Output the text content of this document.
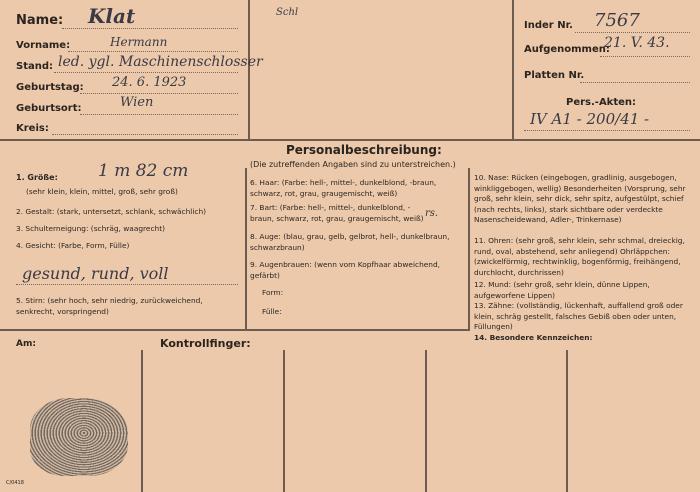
Name: Klat
Vorname:	Hermann
Stand: led. ygl. Maschinenschlosser
Geburtstag: 24. 6. 1923
Geburtsort:	Wien
Kreis:
Schl
Inder Nr. 7567
Aufgenommen:
21. V. 43.
Platten Nr.
Pers.-Akten:
IV A1 - 200/41 -
Personalbeschreibung:
(Die zutreffenden Angaben sind zu unterstreichen.)
1. Größe: 1 m 82 cm
(sehr klein, klein, mittel, groß, sehr groß)
2. Gestalt: (stark, untersetzt, schlank, schwächlich)
3. Schulterneigung: (schräg, waagrecht)
4. Gesicht: (Farbe, Form, Fülle)
gesund, rund, voll
5. Stirn: (sehr hoch, sehr niedrig, zurückweichend, senkrecht, vorspringend)
6. Haar: (Farbe: hell-, mittel-, dunkelblond, -braun, schwarz, rot, grau, graugemischt, weiß)
7. Bart: (Farbe: hell-, mittel-, dunkelblond, -braun, schwarz, rot, grau, graugemischt, weiß) rs.
8. Auge: (blau, grau, gelb, gelbrot, hell-, dunkelbraun, schwarzbraun)
9. Augenbrauen: (wenn vom Kopfhaar abweichend, gefärbt)
Form:
Fülle:
10. Nase: Rücken (eingebogen, gradlinig, ausgebogen, winkliggebogen, wellig) Besonderheiten (Vorsprung, sehr groß, sehr klein, sehr dick, sehr spitz, aufgestülpt, schief (nach rechts, links), stark sichtbare oder verdeckte Nasenscheidewand, Adler-, Trinkernase)
11. Ohren: (sehr groß, sehr klein, sehr schmal, dreieckig, rund, oval, abstehend, sehr anliegend) Ohrläppchen: (zwickelförmig, rechtwinklig, bogenförmig, freihängend, durchlocht, durchrissen)
12. Mund: (sehr groß, sehr klein, dünne Lippen, aufgeworfene Lippen)
13. Zähne: (vollständig, lückenhaft, auffallend groß oder klein, schräg gestellt, falsches Gebiß oben oder unten, Füllungen)
14. Besondere Kennzeichen:
Am:	Kontrollfinger:
C/0418
